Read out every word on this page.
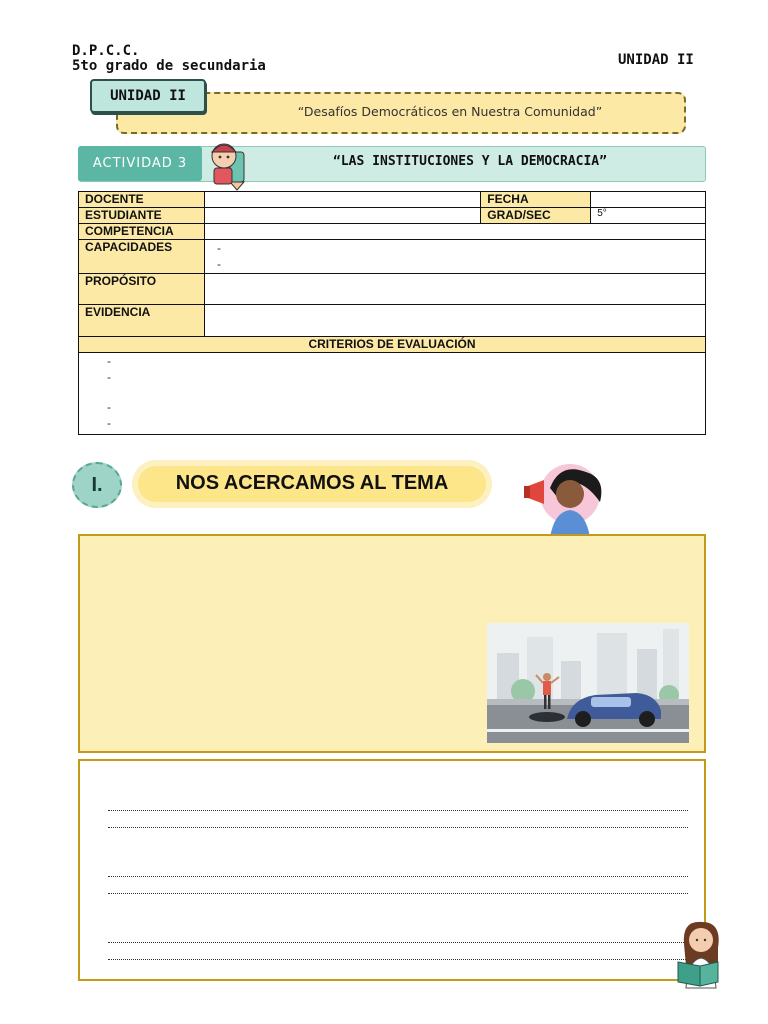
D.P.C.C.
5to grado de secundaria	UNIDAD II
UNIDAD II
“Desafíos Democráticos en Nuestra Comunidad”
ACTIVIDAD 3	“LAS INSTITUCIONES Y LA DEMOCRACIA”
DOCENTE		FECHA	
ESTUDIANTE		GRAD/SEC	5°
COMPETENCIA			
CAPACIDADES	-
-		

PROPÓSITO			
EVIDENCIA			
CRITERIOS DE EVALUACIÓN			

-
-
-
-			
I.	NOS ACERCAMOS AL TEMA
